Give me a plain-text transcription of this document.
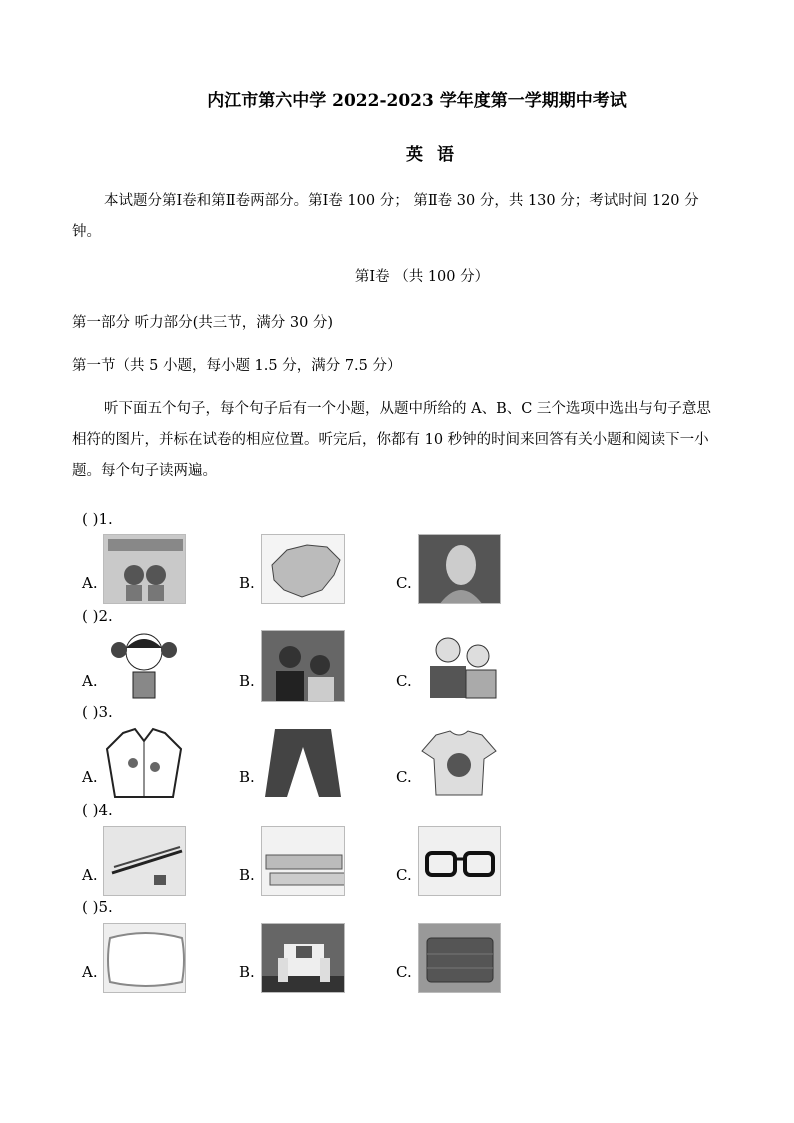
内江市第六中学 2022-2023 学年度第一学期期中考试
英 语
本试题分第Ⅰ卷和第Ⅱ卷两部分。第Ⅰ卷 100 分； 第Ⅱ卷 30 分，共 130 分；考试时间 120 分钟。
第Ⅰ卷 （共 100 分）
第一部分 听力部分(共三节，满分 30 分)
第一节（共 5 小题，每小题 1.5 分，满分 7.5 分）
听下面五个句子，每个句子后有一个小题，从题中所给的 A、B、C 三个选项中选出与句子意思相符的图片，并标在试卷的相应位置。听完后，你都有 10 秒钟的时间来回答有关小题和阅读下一小题。每个句子读两遍。
( )1.
A.	B.	C.
( )2.
A.	B.	C.
( )3.
A.	B.	C.
( )4.
A.	B.	C.
( )5.
A.	B.	C.
